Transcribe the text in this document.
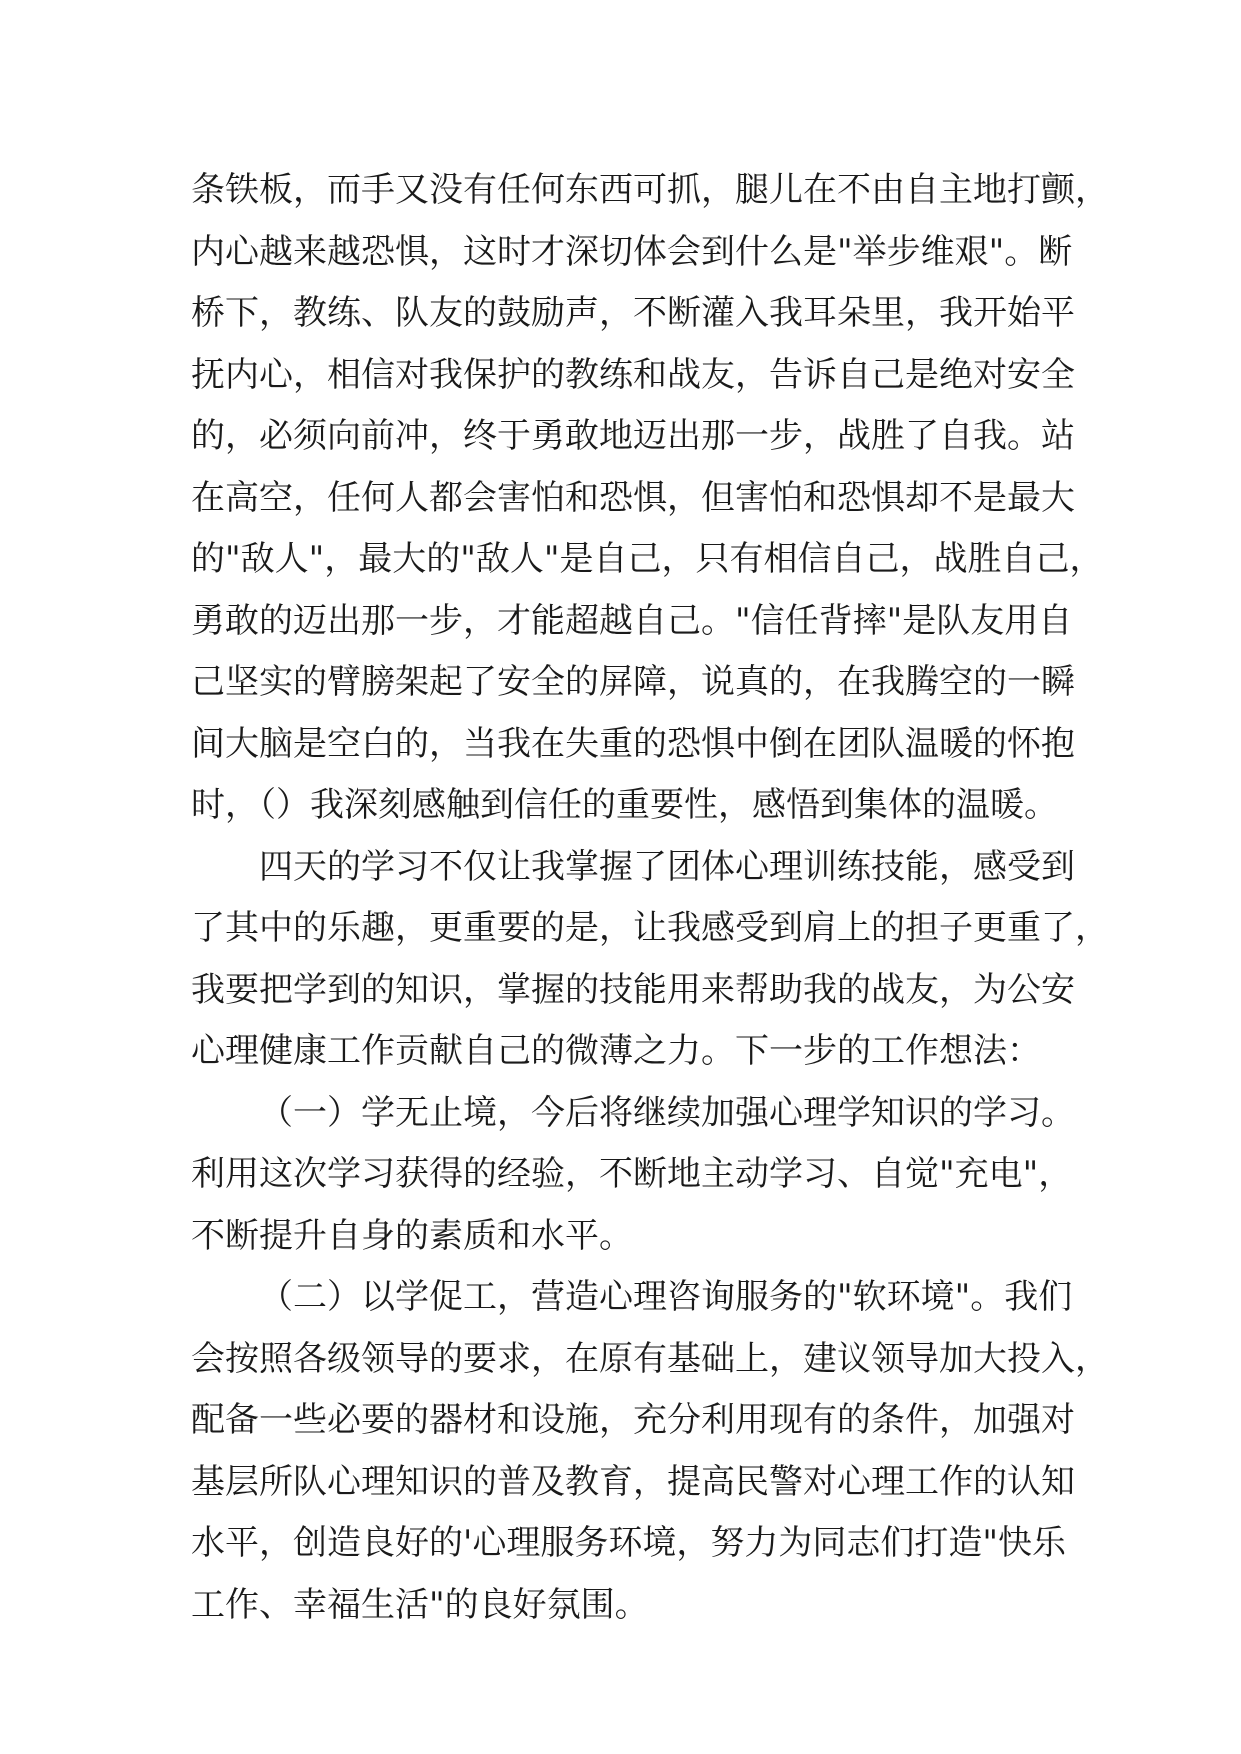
条铁板，而手又没有任何东西可抓，腿儿在不由自主地打颤，
内心越来越恐惧，这时才深切体会到什么是"举步维艰"。断
桥下，教练、队友的鼓励声，不断灌入我耳朵里，我开始平
抚内心，相信对我保护的教练和战友，告诉自己是绝对安全
的，必须向前冲，终于勇敢地迈出那一步，战胜了自我。站
在高空，任何人都会害怕和恐惧，但害怕和恐惧却不是最大
的"敌人"，最大的"敌人"是自己，只有相信自己，战胜自己，
勇敢的迈出那一步，才能超越自己。"信任背摔"是队友用自
己坚实的臂膀架起了安全的屏障，说真的，在我腾空的一瞬
间大脑是空白的，当我在失重的恐惧中倒在团队温暖的怀抱
时，（）我深刻感触到信任的重要性，感悟到集体的温暖。
四天的学习不仅让我掌握了团体心理训练技能，感受到
了其中的乐趣，更重要的是，让我感受到肩上的担子更重了，
我要把学到的知识，掌握的技能用来帮助我的战友，为公安
心理健康工作贡献自己的微薄之力。下一步的工作想法：
（一）学无止境，今后将继续加强心理学知识的学习。
利用这次学习获得的经验，不断地主动学习、自觉"充电"，
不断提升自身的素质和水平。
（二）以学促工，营造心理咨询服务的"软环境"。我们
会按照各级领导的要求，在原有基础上，建议领导加大投入，
配备一些必要的器材和设施，充分利用现有的条件，加强对
基层所队心理知识的普及教育，提高民警对心理工作的认知
水平，创造良好的'心理服务环境，努力为同志们打造"快乐
工作、幸福生活"的良好氛围。
